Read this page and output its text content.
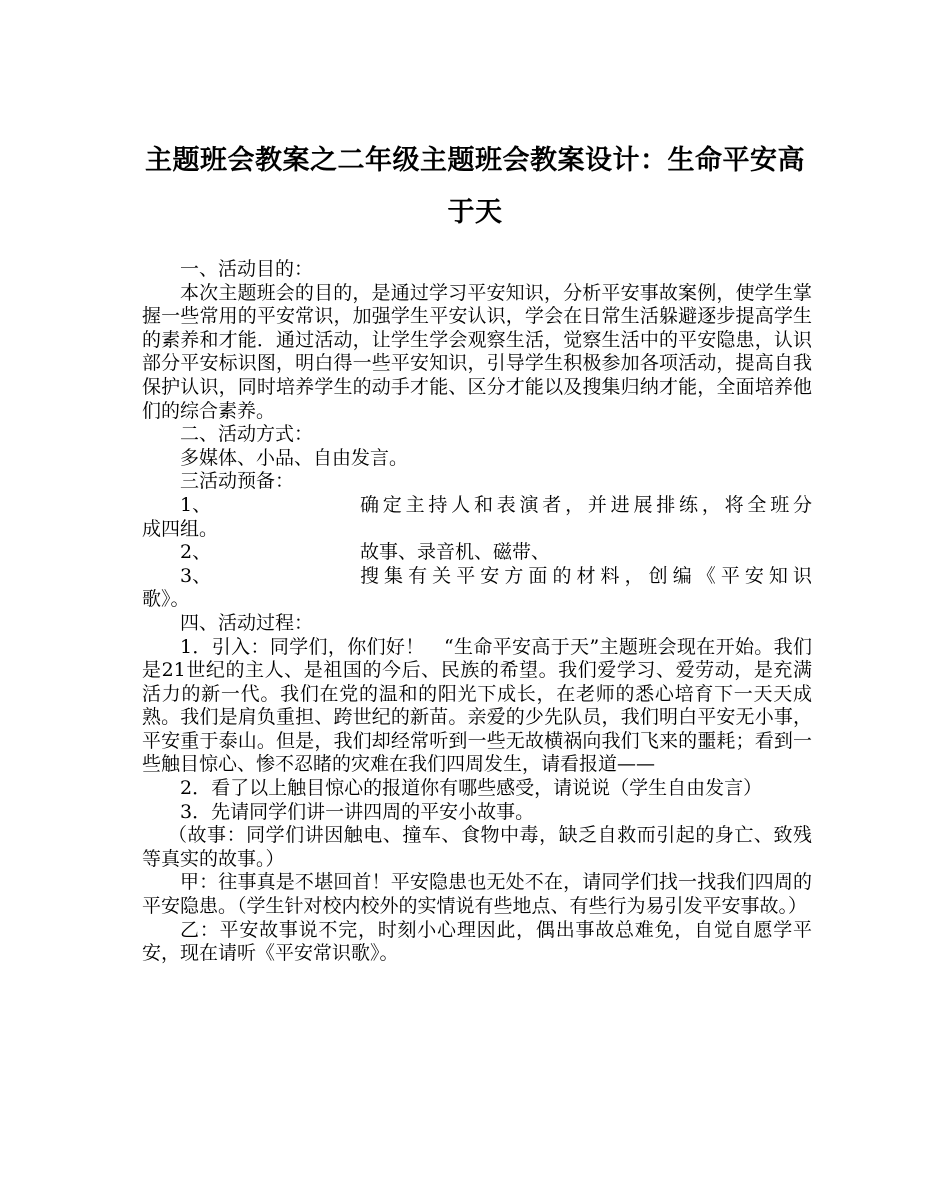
主题班会教案之二年级主题班会教案设计：生命平安高于天

一、活动目的：

本次主题班会的目的，是通过学习平安知识，分析平安事故案例，使学生掌握一些常用的平安常识，加强学生平安认识，学会在日常生活躲避逐步提高学生的素养和才能．通过活动，让学生学会观察生活，觉察生活中的平安隐患，认识部分平安标识图，明白得一些平安知识，引导学生积极参加各项活动，提高自我保护认识，同时培养学生的动手才能、区分才能以及搜集归纳才能，全面培养他们的综合素养。

二、活动方式：

多媒体、小品、自由发言。

三活动预备：

1、	确定主持人和表演者，并进展排练，将全班分
成四组。
2、	故事、录音机、磁带、
3、	搜集有关平安方面的材料，创编《平安知识
歌》。

四、活动过程：

1．引入：同学们，你们好！　“生命平安高于天”主题班会现在开始。我们是21世纪的主人、是祖国的今后、民族的希望。我们爱学习、爱劳动，是充满活力的新一代。我们在党的温和的阳光下成长，在老师的悉心培育下一天天成熟。我们是肩负重担、跨世纪的新苗。亲爱的少先队员，我们明白平安无小事，平安重于泰山。但是，我们却经常听到一些无故横祸向我们飞来的噩耗；看到一些触目惊心、惨不忍睹的灾难在我们四周发生，请看报道——

2．看了以上触目惊心的报道你有哪些感受，请说说（学生自由发言）

3．先请同学们讲一讲四周的平安小故事。

（故事：同学们讲因触电、撞车、食物中毒，缺乏自救而引起的身亡、致残等真实的故事。）

甲：往事真是不堪回首！平安隐患也无处不在，请同学们找一找我们四周的平安隐患。（学生针对校内校外的实情说有些地点、有些行为易引发平安事故。）

乙：平安故事说不完，时刻小心理因此，偶出事故总难免，自觉自愿学平安，现在请听《平安常识歌》。
